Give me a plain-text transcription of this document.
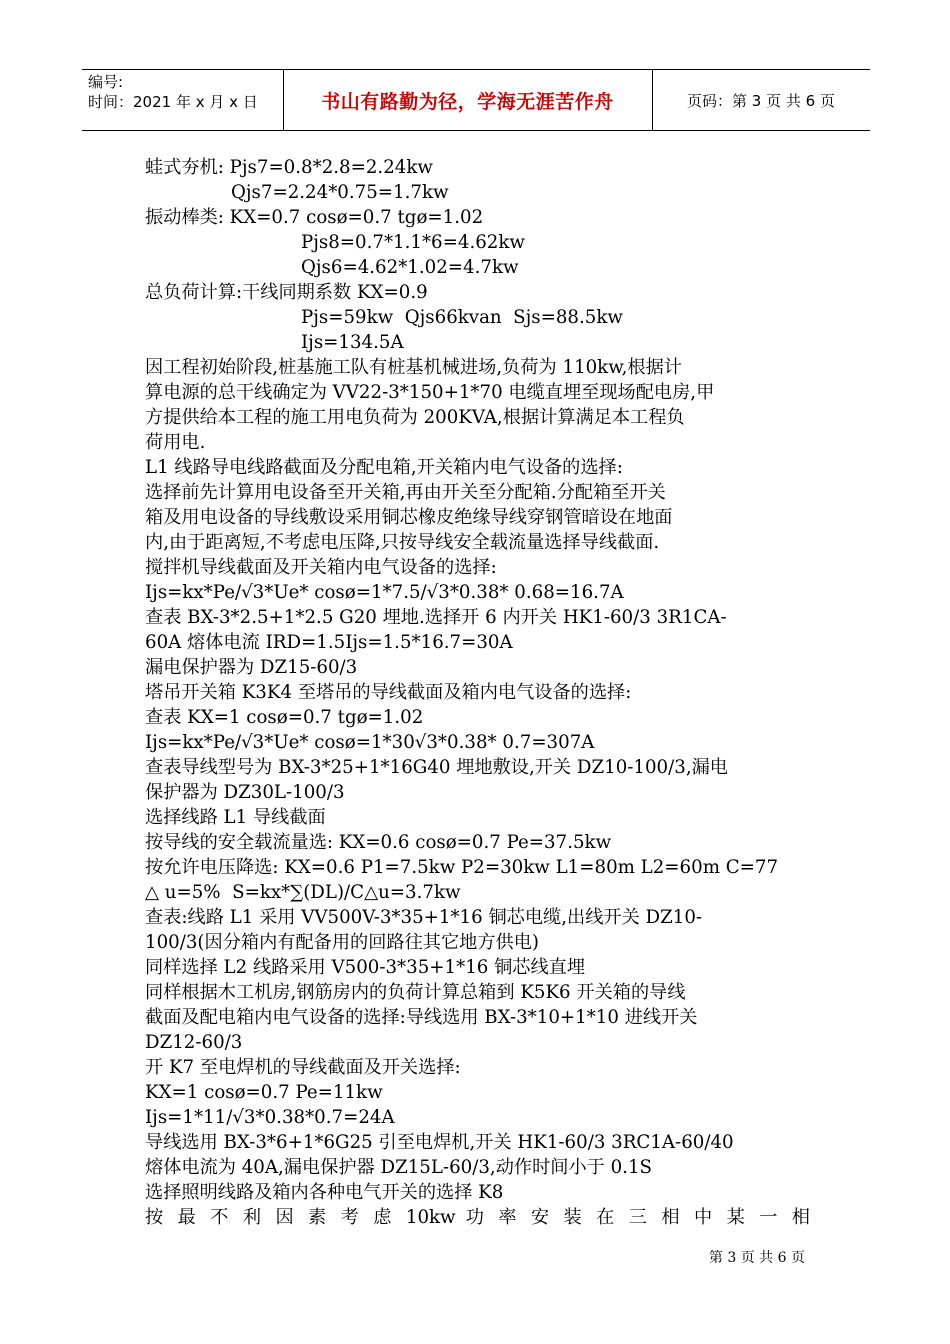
编号:
时间：2021 年 x 月 x 日	书山有路勤为径，学海无涯苦作舟	页码：第 3 页 共 6 页
蛙式夯机: Pjs7=0.8*2.8=2.24kw
Qjs7=2.24*0.75=1.7kw
振动棒类: KX=0.7 cosø=0.7 tgø=1.02
Pjs8=0.7*1.1*6=4.62kw
Qjs6=4.62*1.02=4.7kw
总负荷计算:干线同期系数 KX=0.9
Pjs=59kw  Qjs66kvan  Sjs=88.5kw
Ijs=134.5A
因工程初始阶段,桩基施工队有桩基机械进场,负荷为 110kw,根据计
算电源的总干线确定为 VV22-3*150+1*70 电缆直埋至现场配电房,甲
方提供给本工程的施工用电负荷为 200KVA,根据计算满足本工程负
荷用电.
L1 线路导电线路截面及分配电箱,开关箱内电气设备的选择:
选择前先计算用电设备至开关箱,再由开关至分配箱.分配箱至开关
箱及用电设备的导线敷设采用铜芯橡皮绝缘导线穿钢管暗设在地面
内,由于距离短,不考虑电压降,只按导线安全载流量选择导线截面.
搅拌机导线截面及开关箱内电气设备的选择:
Ijs=kx*Pe/√3*Ue* cosø=1*7.5/√3*0.38* 0.68=16.7A
查表 BX-3*2.5+1*2.5 G20 埋地.选择开 6 内开关 HK1-60/3 3R1CA-
60A 熔体电流 IRD=1.5Ijs=1.5*16.7=30A
漏电保护器为 DZ15-60/3
塔吊开关箱 K3K4 至塔吊的导线截面及箱内电气设备的选择:
查表 KX=1 cosø=0.7 tgø=1.02
Ijs=kx*Pe/√3*Ue* cosø=1*30√3*0.38* 0.7=307A
查表导线型号为 BX-3*25+1*16G40 埋地敷设,开关 DZ10-100/3,漏电
保护器为 DZ30L-100/3
选择线路 L1 导线截面
按导线的安全载流量选: KX=0.6 cosø=0.7 Pe=37.5kw
按允许电压降选: KX=0.6 P1=7.5kw P2=30kw L1=80m L2=60m C=77
△ u=5%  S=kx*∑(DL)/C△u=3.7kw
查表:线路 L1 采用 VV500V-3*35+1*16 铜芯电缆,出线开关 DZ10-
100/3(因分箱内有配备用的回路往其它地方供电)
同样选择 L2 线路采用 V500-3*35+1*16 铜芯线直埋
同样根据木工机房,钢筋房内的负荷计算总箱到 K5K6 开关箱的导线
截面及配电箱内电气设备的选择:导线选用 BX-3*10+1*10 进线开关
DZ12-60/3
开 K7 至电焊机的导线截面及开关选择:
KX=1 cosø=0.7 Pe=11kw
Ijs=1*11/√3*0.38*0.7=24A
导线选用 BX-3*6+1*6G25 引至电焊机,开关 HK1-60/3 3RC1A-60/40
熔体电流为 40A,漏电保护器 DZ15L-60/3,动作时间小于 0.1S
选择照明线路及箱内各种电气开关的选择 K8
按 最 不 利 因 素 考 虑 10kw 功 率 安 装 在 三 相 中 某 一 相
第 3 页 共 6 页
